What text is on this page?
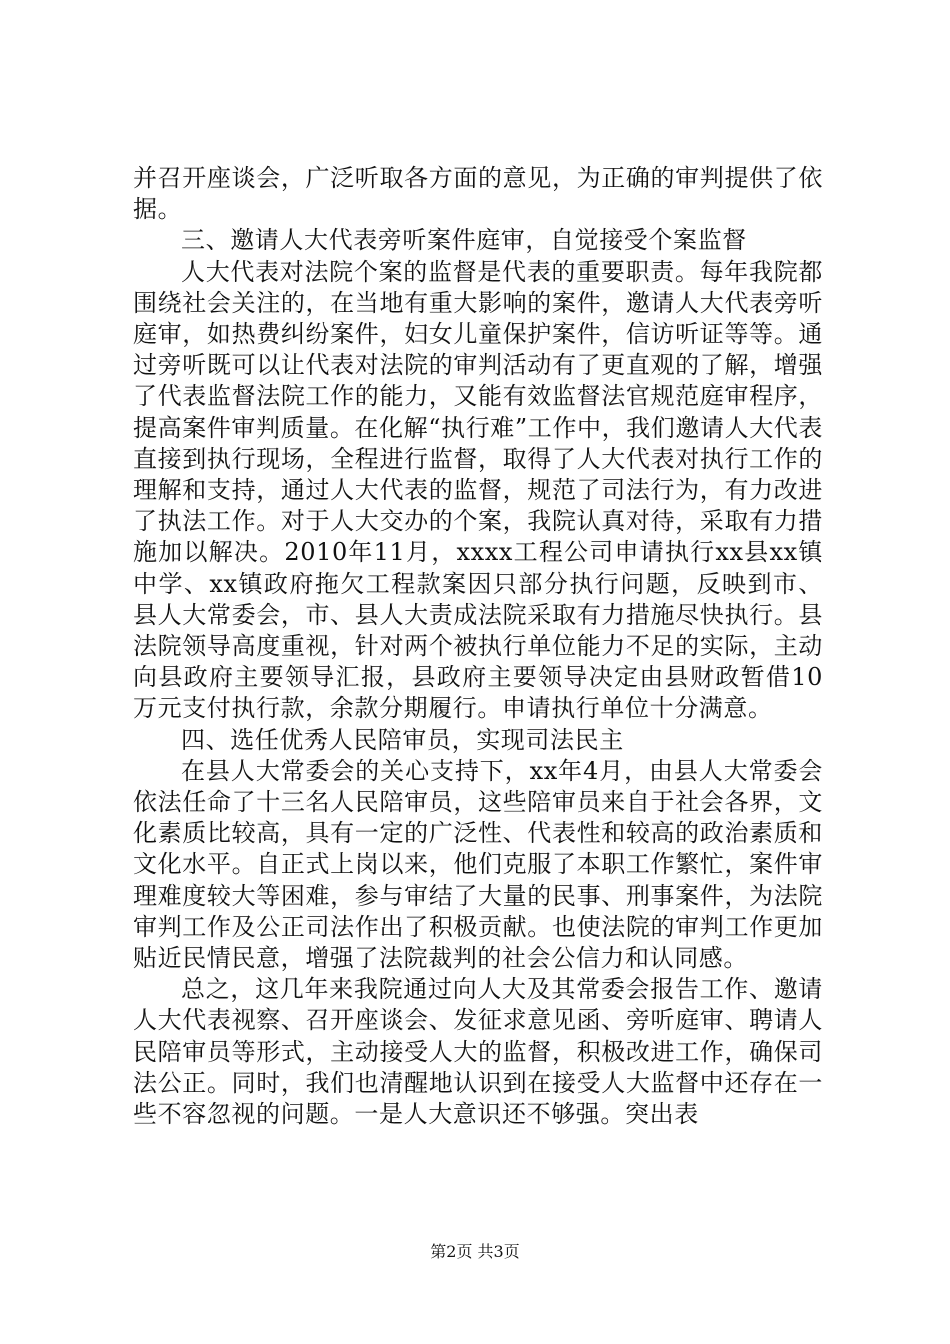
并召开座谈会，广泛听取各方面的意见，为正确的审判提供了依据。

三、邀请人大代表旁听案件庭审，自觉接受个案监督

人大代表对法院个案的监督是代表的重要职责。每年我院都围绕社会关注的，在当地有重大影响的案件，邀请人大代表旁听庭审，如热费纠纷案件，妇女儿童保护案件，信访听证等等。通过旁听既可以让代表对法院的审判活动有了更直观的了解，增强了代表监督法院工作的能力，又能有效监督法官规范庭审程序，提高案件审判质量。在化解“执行难”工作中，我们邀请人大代表直接到执行现场，全程进行监督，取得了人大代表对执行工作的理解和支持，通过人大代表的监督，规范了司法行为，有力改进了执法工作。对于人大交办的个案，我院认真对待，采取有力措施加以解决。2010年11月，xxxx工程公司申请执行xx县xx镇中学、xx镇政府拖欠工程款案因只部分执行问题，反映到市、县人大常委会，市、县人大责成法院采取有力措施尽快执行。县法院领导高度重视，针对两个被执行单位能力不足的实际，主动向县政府主要领导汇报，县政府主要领导决定由县财政暂借10万元支付执行款，余款分期履行。申请执行单位十分满意。

四、选任优秀人民陪审员，实现司法民主

在县人大常委会的关心支持下，xx年4月，由县人大常委会依法任命了十三名人民陪审员，这些陪审员来自于社会各界，文化素质比较高，具有一定的广泛性、代表性和较高的政治素质和文化水平。自正式上岗以来，他们克服了本职工作繁忙，案件审理难度较大等困难，参与审结了大量的民事、刑事案件，为法院审判工作及公正司法作出了积极贡献。也使法院的审判工作更加贴近民情民意，增强了法院裁判的社会公信力和认同感。

总之，这几年来我院通过向人大及其常委会报告工作、邀请人大代表视察、召开座谈会、发征求意见函、旁听庭审、聘请人民陪审员等形式，主动接受人大的监督，积极改进工作，确保司法公正。同时，我们也清醒地认识到在接受人大监督中还存在一些不容忽视的问题。一是人大意识还不够强。突出表

第2页 共3页
